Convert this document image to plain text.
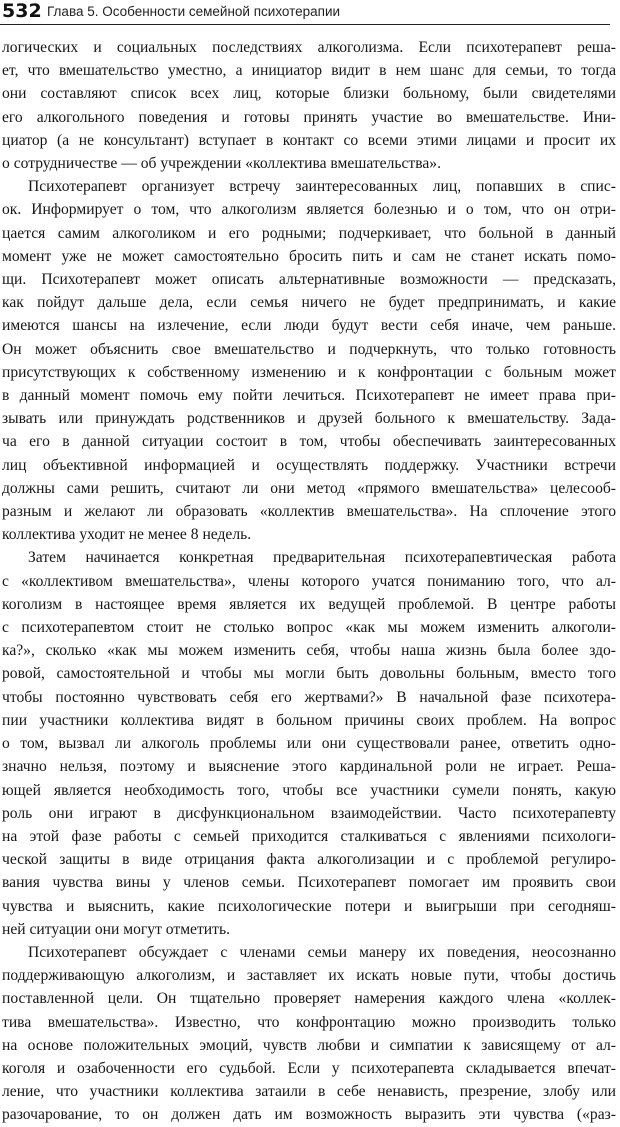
532 Глава 5. Особенности семейной психотерапии
логических и социальных последствиях алкоголизма. Если психотерапевт реша-
ет, что вмешательство уместно, а инициатор видит в нем шанс для семьи, то тогда
они составляют список всех лиц, которые близки больному, были свидетелями
его алкогольного поведения и готовы принять участие во вмешательстве. Ини-
циатор (а не консультант) вступает в контакт со всеми этими лицами и просит их
о сотрудничестве — об учреждении «коллектива вмешательства».
Психотерапевт организует встречу заинтересованных лиц, попавших в спис-
ок. Информирует о том, что алкоголизм является болезнью и о том, что он отри-
цается самим алкоголиком и его родными; подчеркивает, что больной в данный
момент уже не может самостоятельно бросить пить и сам не станет искать помо-
щи. Психотерапевт может описать альтернативные возможности — предсказать,
как пойдут дальше дела, если семья ничего не будет предпринимать, и какие
имеются шансы на излечение, если люди будут вести себя иначе, чем раньше.
Он может объяснить свое вмешательство и подчеркнуть, что только готовность
присутствующих к собственному изменению и к конфронтации с больным может
в данный момент помочь ему пойти лечиться. Психотерапевт не имеет права при-
зывать или принуждать родственников и друзей больного к вмешательству. Зада-
ча его в данной ситуации состоит в том, чтобы обеспечивать заинтересованных
лиц объективной информацией и осуществлять поддержку. Участники встречи
должны сами решить, считают ли они метод «прямого вмешательства» целесооб-
разным и желают ли образовать «коллектив вмешательства». На сплочение этого
коллектива уходит не менее 8 недель.
Затем начинается конкретная предварительная психотерапевтическая работа
с «коллективом вмешательства», члены которого учатся пониманию того, что ал-
коголизм в настоящее время является их ведущей проблемой. В центре работы
с психотерапевтом стоит не столько вопрос «как мы можем изменить алкоголи-
ка?», сколько «как мы можем изменить себя, чтобы наша жизнь была более здо-
ровой, самостоятельной и чтобы мы могли быть довольны больным, вместо того
чтобы постоянно чувствовать себя его жертвами?» В начальной фазе психотера-
пии участники коллектива видят в больном причины своих проблем. На вопрос
о том, вызвал ли алкоголь проблемы или они существовали ранее, ответить одно-
значно нельзя, поэтому и выяснение этого кардинальной роли не играет. Реша-
ющей является необходимость того, чтобы все участники сумели понять, какую
роль они играют в дисфункциональном взаимодействии. Часто психотерапевту
на этой фазе работы с семьей приходится сталкиваться с явлениями психологи-
ческой защиты в виде отрицания факта алкоголизации и с проблемой регулиро-
вания чувства вины у членов семьи. Психотерапевт помогает им проявить свои
чувства и выяснить, какие психологические потери и выигрыши при сегодняш-
ней ситуации они могут отметить.
Психотерапевт обсуждает с членами семьи манеру их поведения, неосознанно
поддерживающую алкоголизм, и заставляет их искать новые пути, чтобы достичь
поставленной цели. Он тщательно проверяет намерения каждого члена «коллек-
тива вмешательства». Известно, что конфронтацию можно производить только
на основе положительных эмоций, чувств любви и симпатии к зависящему от ал-
коголя и озабоченности его судьбой. Если у психотерапевта складывается впечат-
ление, что участники коллектива затаили в себе ненависть, презрение, злобу или
разочарование, то он должен дать им возможность выразить эти чувства («раз-
